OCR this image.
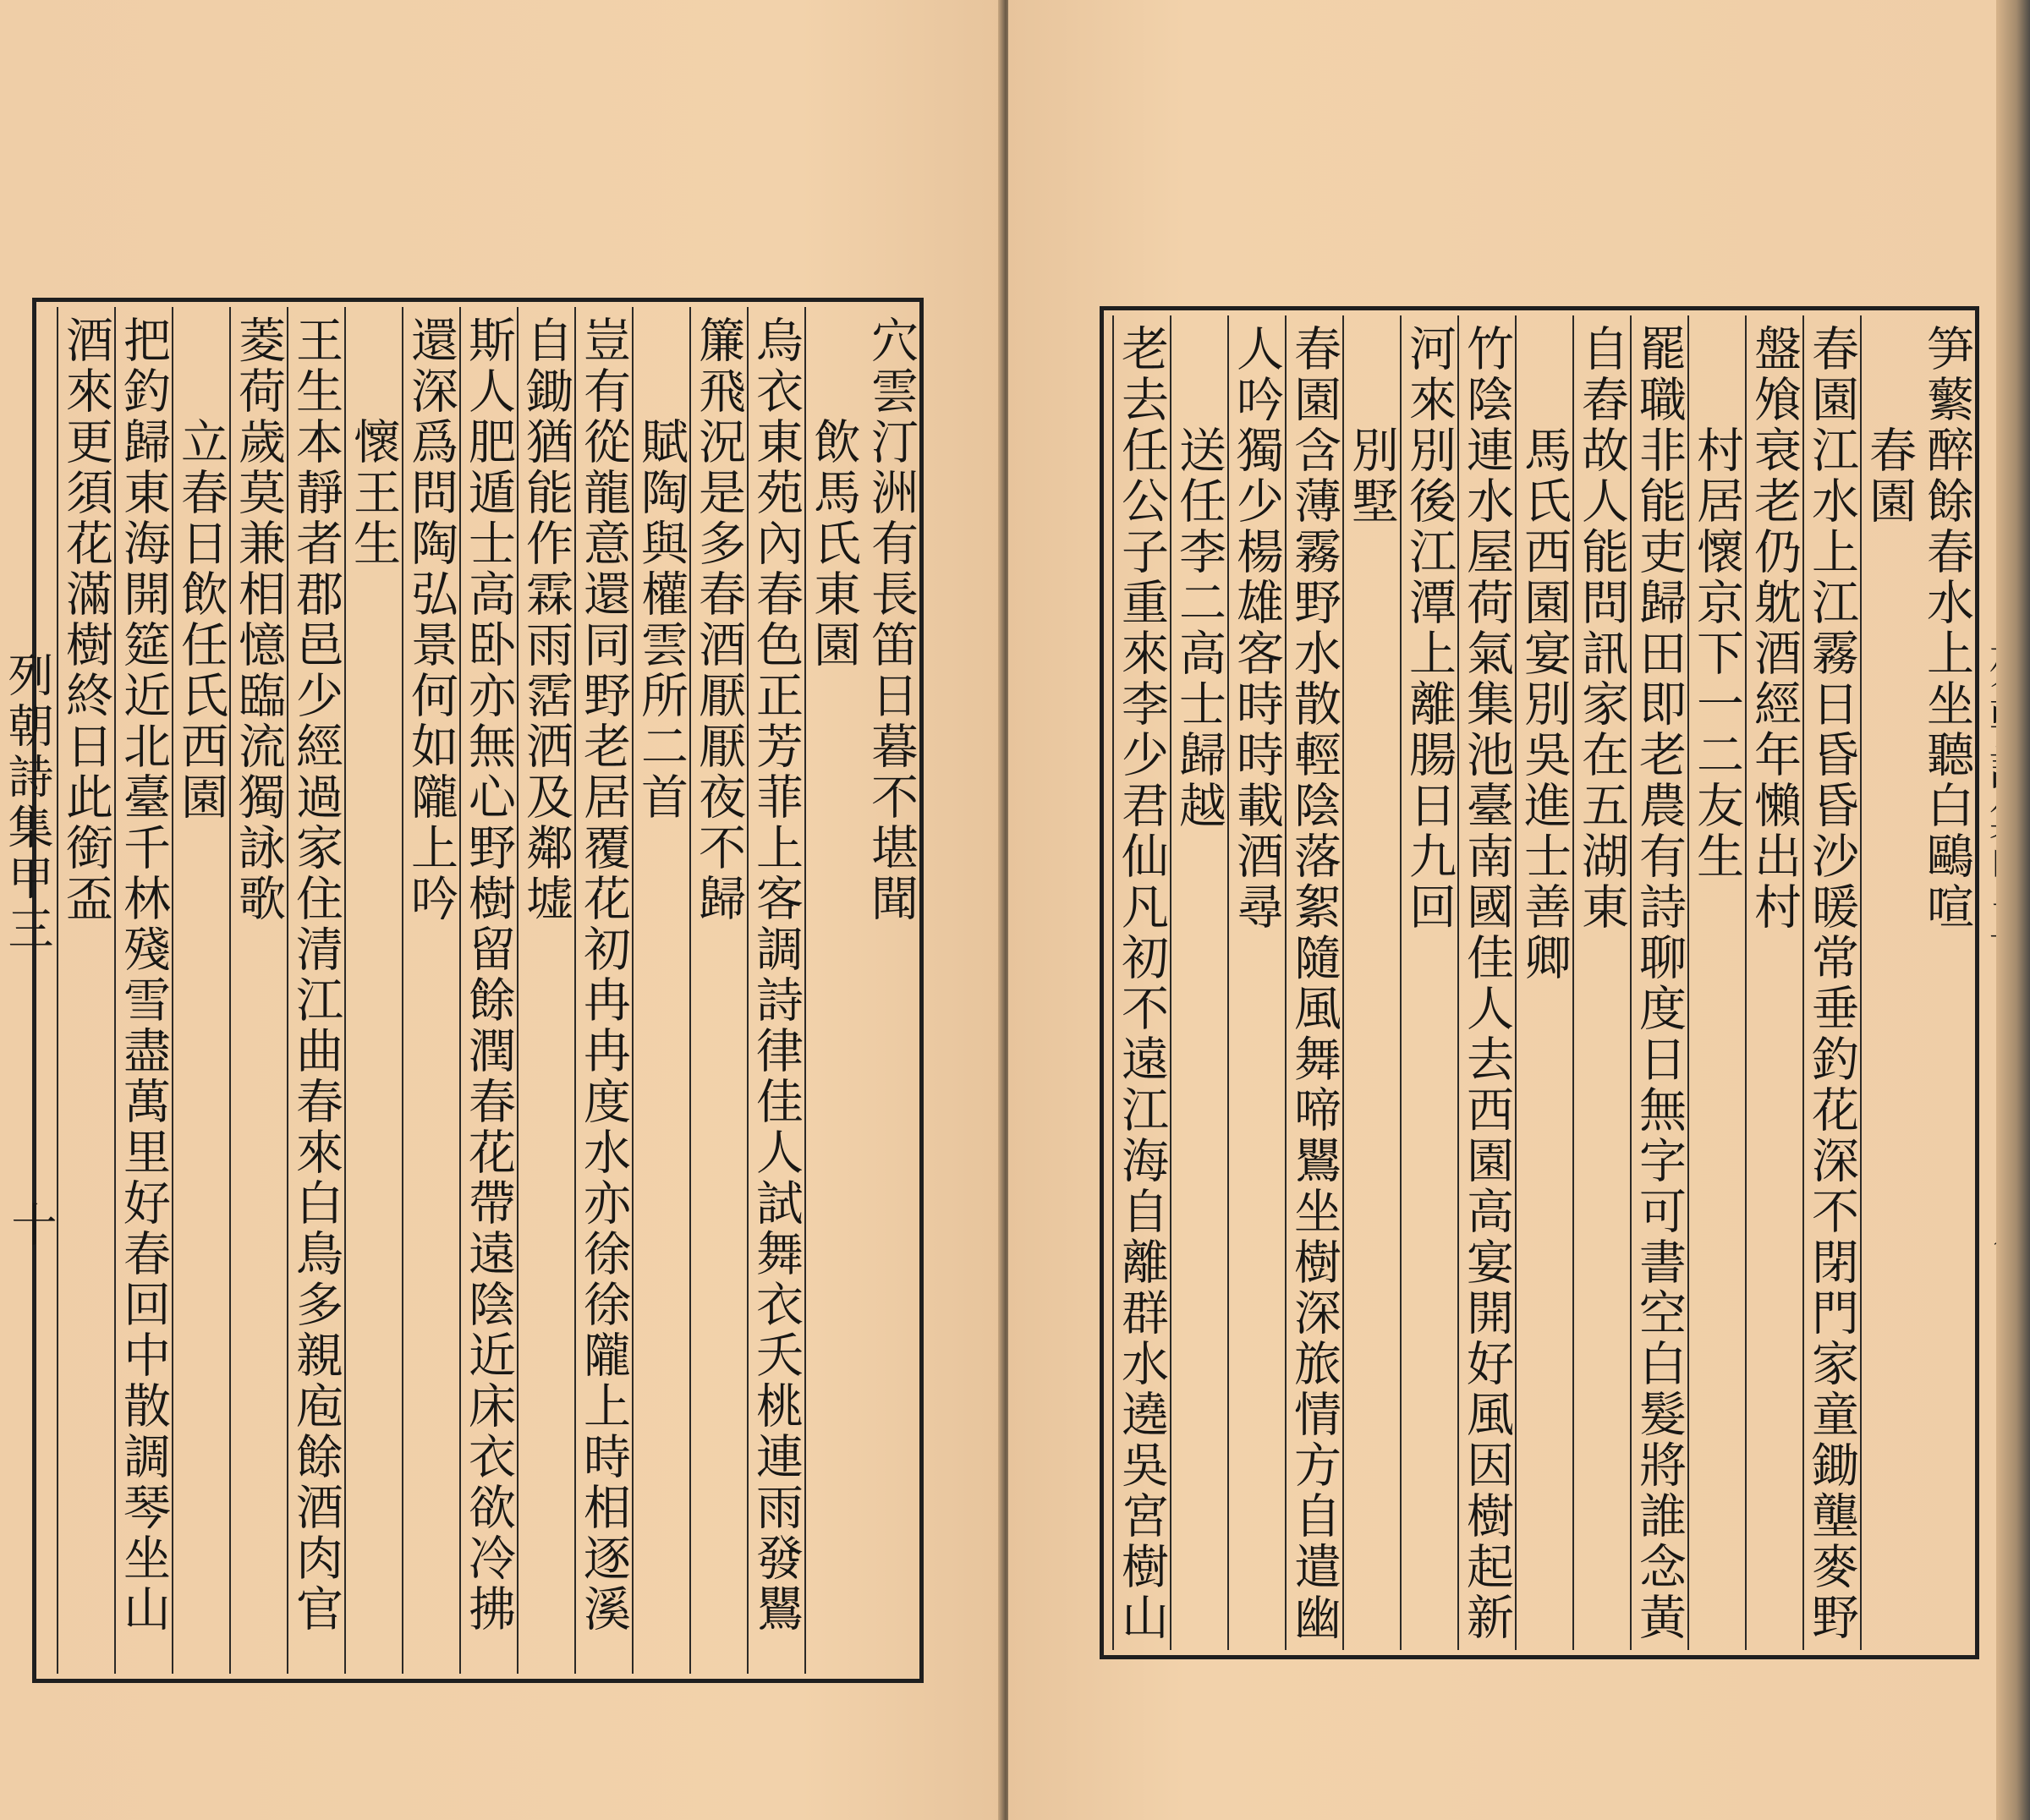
穴雲汀洲有長笛日暮不堪聞
飲馬氏東園
烏衣東苑內春色正芳菲上客調詩律佳人試舞衣夭桃連雨發鸎
簾飛況是多春酒厭厭夜不歸
賦陶與權雲所二首
豈有從龍意還同野老居覆花初冉冉度水亦徐徐隴上時相逐溪
自鋤猶能作霖雨霑洒及鄰墟
斯人肥遁士高卧亦無心野樹留餘潤春花帶遠陰近床衣欲冷拂
還深爲問陶弘景何如隴上吟
懷王生
王生本靜者郡邑少經過家住清江曲春來白鳥多親庖餘酒肉官
菱荷歲莫兼相憶臨流獨詠歌
立春日飲任氏西園
把釣歸東海開筵近北臺千林殘雪盡萬里好春回中散調琴坐山
酒來更須花滿樹終日此銜盃
列朝詩集甲三
十
笋蘩醉餘春水上坐聽白鷗喧
春園
春園江水上江霧日昏昏沙暖常垂釣花深不閉門家童鋤壟麥野
盤飧衰老仍躭酒經年懶出村
村居懷京下一二友生
罷職非能吏歸田即老農有詩聊度日無字可書空白髮將誰念黃
自舂故人能問訊家在五湖東
馬氏西園宴別吳進士善卿
竹陰連水屋荷氣集池臺南國佳人去西園高宴開好風因樹起新
河來別後江潭上離腸日九回
別墅
春園含薄霧野水散輕陰落絮隨風舞啼鸎坐樹深旅情方自遣幽
人吟獨少楊雄客時時載酒尋
送任李二高士歸越
老去任公子重來李少君仙凡初不遠江海自離群水遶吳宮樹山
